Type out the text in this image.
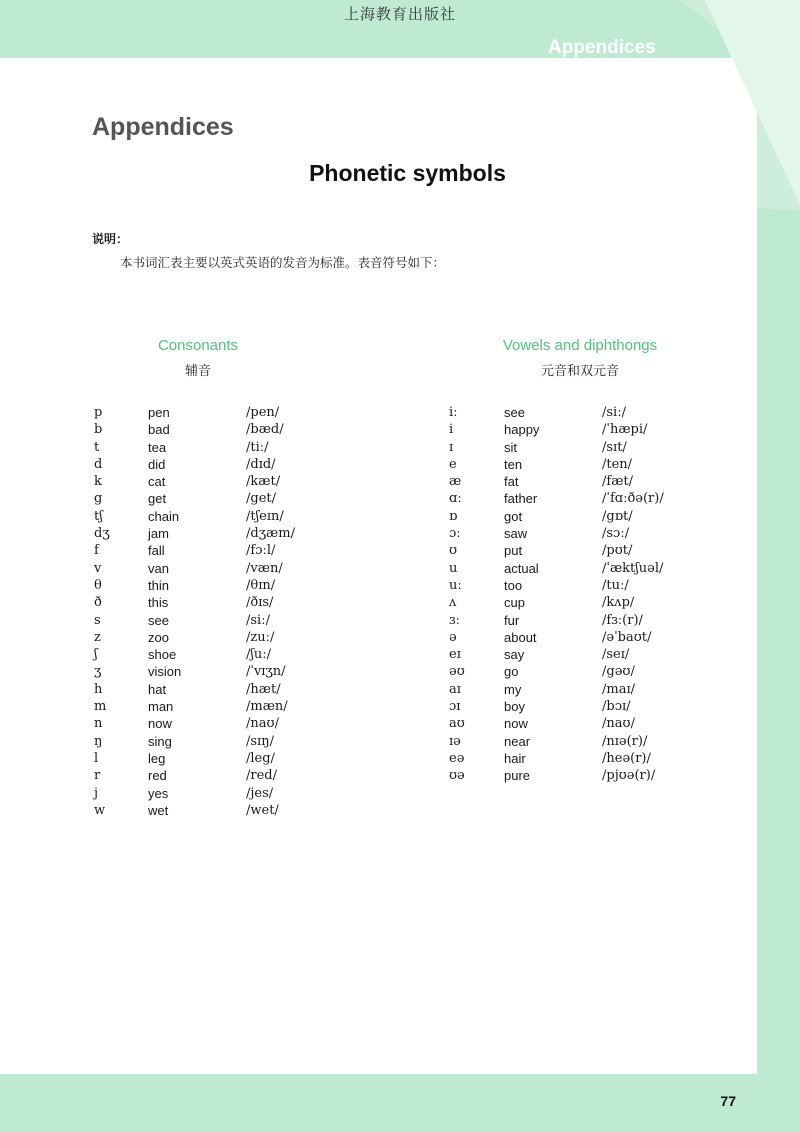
上海教育出版社
Appendices
Appendices
Phonetic symbols
说明：
本书词汇表主要以英式英语的发音为标准。表音符号如下：
Consonants
辅音
Vowels and diphthongs
元音和双元音
p	pen	/pen/
b	bad	/bæd/
t	tea	/tiː/
d	did	/dɪd/
k	cat	/kæt/
g	get	/get/
tʃ	chain	/tʃeɪn/
dʒ	jam	/dʒæm/
f	fall	/fɔːl/
v	van	/væn/
θ	thin	/θɪn/
ð	this	/ðɪs/
s	see	/siː/
z	zoo	/zuː/
ʃ	shoe	/ʃuː/
ʒ	vision	/ˈvɪʒn/
h	hat	/hæt/
m	man	/mæn/
n	now	/naʊ/
ŋ	sing	/sɪŋ/
l	leg	/leg/
r	red	/red/
j	yes	/jes/
w	wet	/wet/
iː	see	/siː/
i	happy	/ˈhæpi/
ɪ	sit	/sɪt/
e	ten	/ten/
æ	fat	/fæt/
ɑː	father	/ˈfɑːðə(r)/
ɒ	got	/gɒt/
ɔː	saw	/sɔː/
ʊ	put	/pʊt/
u	actual	/ˈæktʃuəl/
uː	too	/tuː/
ʌ	cup	/kʌp/
ɜː	fur	/fɜː(r)/
ə	about	/əˈbaʊt/
eɪ	say	/seɪ/
əʊ	go	/gəʊ/
aɪ	my	/maɪ/
ɔɪ	boy	/bɔɪ/
aʊ	now	/naʊ/
ɪə	near	/nɪə(r)/
eə	hair	/heə(r)/
ʊə	pure	/pjʊə(r)/
77
